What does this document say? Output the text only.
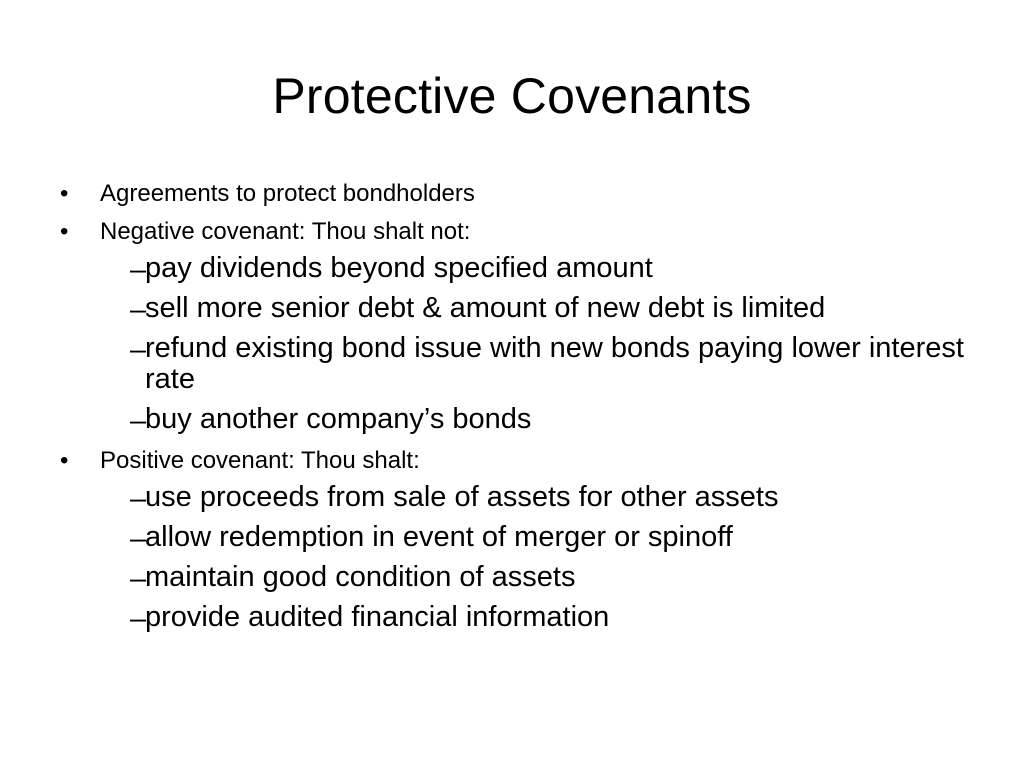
Protective Covenants
• Agreements to protect bondholders
• Negative covenant: Thou shalt not:
–
pay dividends beyond specified amount
–
sell more senior debt & amount of new debt is limited
–
refund existing bond issue with new bonds paying lower interest rate
–
buy another company’s bonds
• Positive covenant: Thou shalt:
–
use proceeds from sale of assets for other assets
–
allow redemption in event of merger or spinoff
–
maintain good condition of assets
–
provide audited financial information
